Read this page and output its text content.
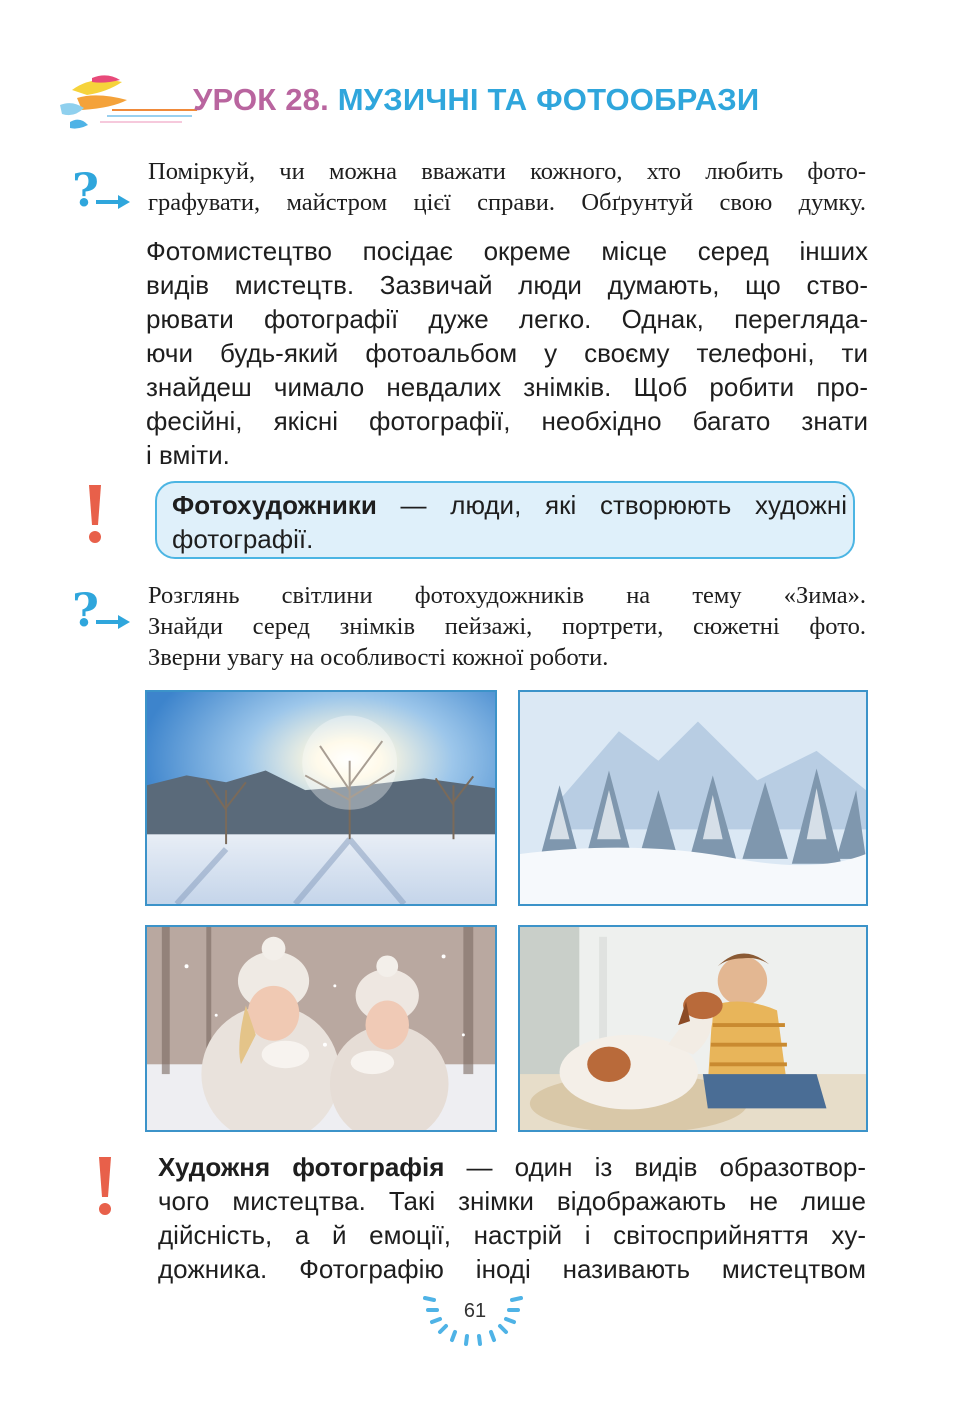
УРОК 28. МУЗИЧНІ ТА ФОТООБРАЗИ
? Поміркуй, чи можна вважати кожного, хто любить фото-
графувати, майстром цієї справи. Обґрунтуй свою думку.
Фотомистецтво посідає окреме місце серед інших
видів мистецтв. Зазвичай люди думають, що ство-
рювати фотографії дуже легко. Однак, перегляда-
ючи будь-який фотоальбом у своєму телефоні, ти
знайдеш чимало невдалих знімків. Щоб робити про-
фесійні, якісні фотографії, необхідно багато знати
і вміти.
Фотохудожники — люди, які створюють художні
фотографії.
? Розглянь світлини фотохудожників на тему «Зима».
Знайди серед знімків пейзажі, портрети, сюжетні фото.
Зверни увагу на особливості кожної роботи.
Художня фотографія — один із видів образотвор-
чого мистецтва. Такі знімки відображають не лише
дійсність, а й емоції, настрій і світосприйняття ху-
дожника. Фотографію іноді називають мистецтвом
61
